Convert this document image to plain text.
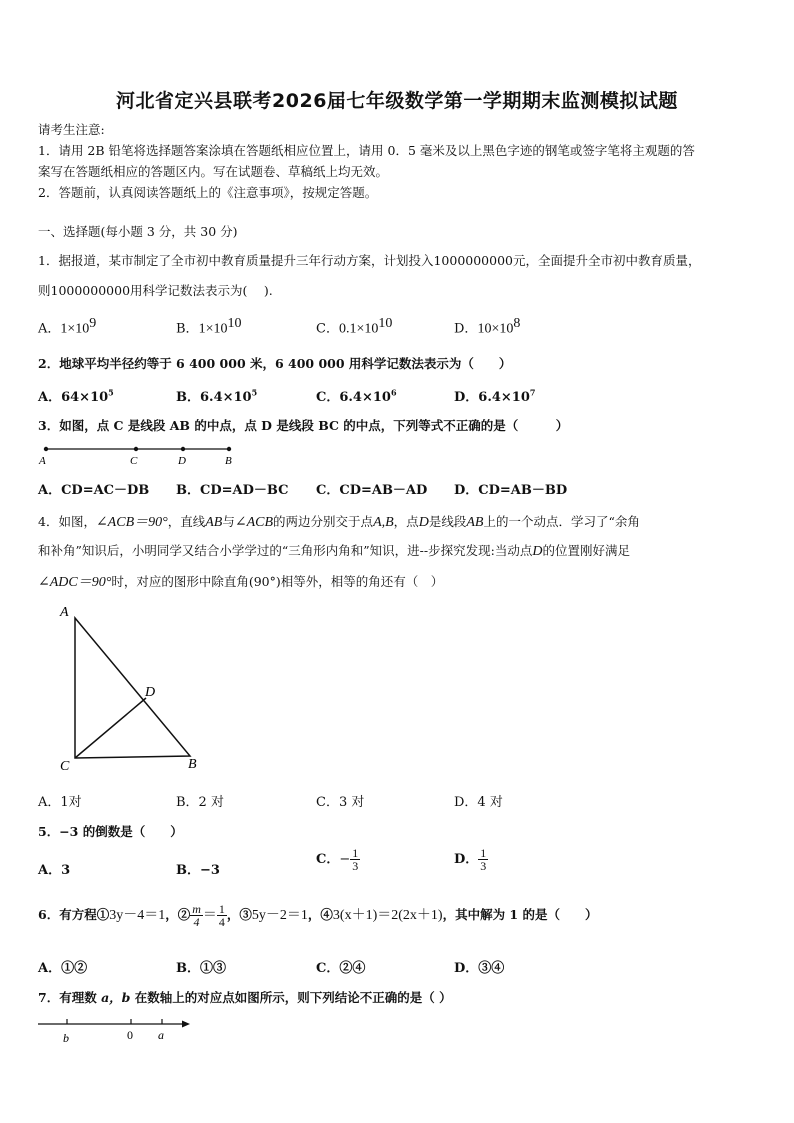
河北省定兴县联考2026届七年级数学第一学期期末监测模拟试题
请考生注意:
1．请用 2B 铅笔将选择题答案涂填在答题纸相应位置上，请用 0．5 毫米及以上黑色字迹的钢笔或签字笔将主观题的答
案写在答题纸相应的答题区内。写在试题卷、草稿纸上均无效。
2．答题前，认真阅读答题纸上的《注意事项》，按规定答题。
一、选择题(每小题 3 分，共 30 分)
1．据报道，某市制定了全市初中教育质量提升三年行动方案，计划投入1000000000元，全面提升全市初中教育质量，
则1000000000用科学记数法表示为(　 ).
A．$1\times 10^9$	B．$1\times 10^{10}$	C．$0.1\times 10^{10}$	D．$10\times 10^8$
2．地球平均半径约等于 6 400 000 米，6 400 000 用科学记数法表示为（　　）
A．$64\times 10^5$	B．$6.4\times 10^5$	C．$6.4\times 10^6$	D．$6.4\times 10^7$
3．如图，点 C 是线段 AB 的中点，点 D 是线段 BC 的中点，下列等式不正确的是（　　　）
A	C	D	B
A．CD=AC－DB B．CD=AD－BC C．CD=AB－AD D．CD=AB－BD
4．如图，∠ACB＝90°，直线AB与∠ACB的两边分别交于点A,B，点D是线段AB上的一个动点．学习了“余角
和补角”知识后，小明同学又结合小学学过的“三角形内角和”知识，进--步探究发现:当动点D的位置刚好满足
∠ADC＝90°时，对应的图形中除直角(90°)相等外，相等的角还有（　）
A
D
C	B
A．1对	B．2 对	C．3 对	D．4 对
5．−3 的倒数是（　　）
A．3	B．−3
C．− $\frac{1}{3}$	D． $\frac{1}{3}$
6．有方程①3y－4＝1，② $\frac{m}{4} = \frac{1}{4}$ ，③5y－2＝1，④3(x＋1)＝2(2x＋1)，其中解为 1 的是（　　）
A．①②	B．①③	C．②④	D．③④
7．有理数 a，b 在数轴上的对应点如图所示，则下列结论不正确的是（ ）
b	0 a
